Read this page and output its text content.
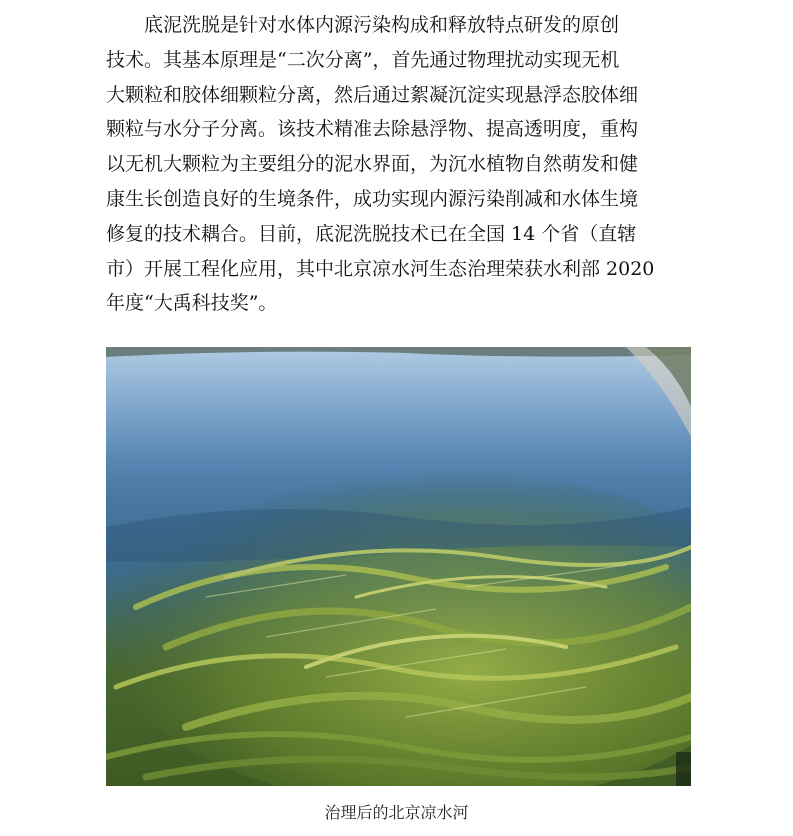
　　底泥洗脱是针对水体内源污染构成和释放特点研发的原创
技术。其基本原理是“二次分离”，首先通过物理扰动实现无机
大颗粒和胶体细颗粒分离，然后通过絮凝沉淀实现悬浮态胶体细
颗粒与水分子分离。该技术精准去除悬浮物、提高透明度，重构
以无机大颗粒为主要组分的泥水界面，为沉水植物自然萌发和健
康生长创造良好的生境条件，成功实现内源污染削减和水体生境
修复的技术耦合。目前，底泥洗脱技术已在全国 14 个省（直辖
市）开展工程化应用，其中北京凉水河生态治理荣获水利部 2020
年度“大禹科技奖”。
治理后的北京凉水河
